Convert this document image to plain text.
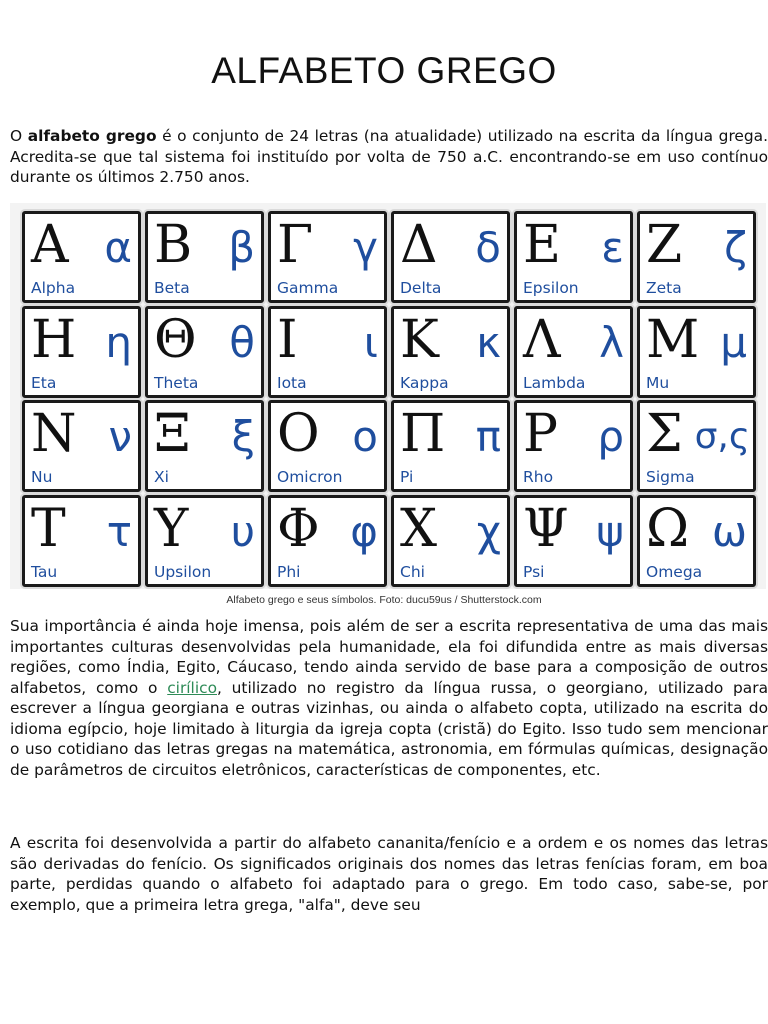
ALFABETO GREGO

O alfabeto grego é o conjunto de 24 letras (na atualidade) utilizado na escrita da língua grega. Acredita-se que tal sistema foi instituído por volta de 750 a.C. encontrando-se em uso contínuo durante os últimos 2.750 anos.

Α α
Alpha
Β β
Beta
Γ γ
Gamma
Δ δ
Delta
Ε ε
Epsilon
Ζ ζ
Zeta
Η η
Eta
Θ θ
Theta
Ι ι
Iota
Κ κ
Kappa
Λ λ
Lambda
Μ μ
Mu
Ν ν
Nu
Ξ ξ
Xi
Ο ο
Omicron
Π π
Pi
Ρ ρ
Rho
Σ σ,ς
Sigma
Τ τ
Tau
Υ υ
Upsilon
Φ φ
Phi
Χ χ
Chi
Ψ ψ
Psi
Ω ω
Omega
Alfabeto grego e seus símbolos. Foto: ducu59us / Shutterstock.com

Sua importância é ainda hoje imensa, pois além de ser a escrita representativa de uma das mais importantes culturas desenvolvidas pela humanidade, ela foi difundida entre as mais diversas regiões, como Índia, Egito, Cáucaso, tendo ainda servido de base para a composição de outros alfabetos, como o cirílico, utilizado no registro da língua russa, o georgiano, utilizado para escrever a língua georgiana e outras vizinhas, ou ainda o alfabeto copta, utilizado na escrita do idioma egípcio, hoje limitado à liturgia da igreja copta (cristã) do Egito. Isso tudo sem mencionar o uso cotidiano das letras gregas na matemática, astronomia, em fórmulas químicas, designação de parâmetros de circuitos eletrônicos, características de componentes, etc.

A escrita foi desenvolvida a partir do alfabeto cananita/fenício e a ordem e os nomes das letras são derivadas do fenício. Os significados originais dos nomes das letras fenícias foram, em boa parte, perdidas quando o alfabeto foi adaptado para o grego. Em todo caso, sabe-se, por exemplo, que a primeira letra grega, "alfa", deve seu
